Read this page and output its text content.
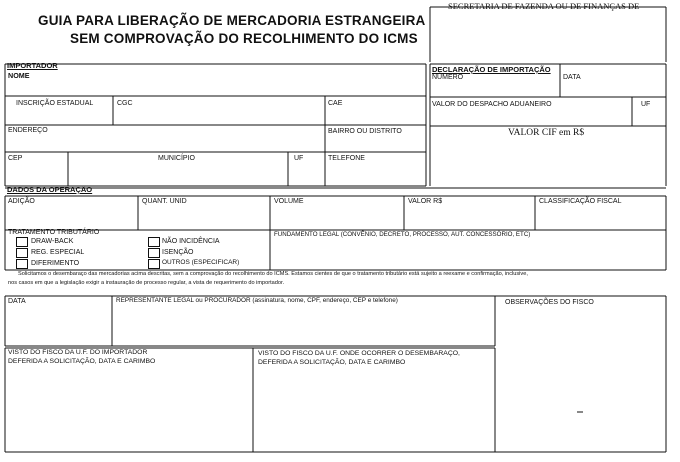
GUIA PARA LIBERAÇÃO DE MERCADORIA ESTRANGEIRA
SEM COMPROVAÇÃO DO RECOLHIMENTO DO ICMS
SECRETARIA DE FAZENDA OU DE FINANÇAS DE
IMPORTADOR
NOME
INSCRIÇÃO ESTADUAL	CGC	CAE
ENDEREÇO	BAIRRO OU DISTRITO
CEP	MUNICÍPIO	UF	TELEFONE
DECLARAÇÃO DE IMPORTAÇÃO
NÚMERO	DATA
VALOR DO DESPACHO ADUANEIRO	UF
VALOR CIF em R$
DADOS DA OPERAÇÃO
ADIÇÃO	QUANT. UNID	VOLUME	VALOR R$	CLASSIFICAÇÃO FISCAL
TRATAMENTO TRIBUTÁRIO
DRAW-BACK
REG. ESPECIAL
DIFERIMENTO
NÃO INCIDÊNCIA
ISENÇÃO
OUTROS (ESPECIFICAR)
FUNDAMENTO LEGAL (CONVÊNIO, DECRETO, PROCESSO, AUT. CONCESSÓRIO, ETC)
Solicitamos o desembaraço das mercadorias acima descritas, sem a comprovação do recolhimento do ICMS. Estamos cientes de que o tratamento tributário está sujeito a reexame e confirmação, inclusive,
nos casos em que a legislação exigir a instauração de processo regular, a vista de requerimento do importador.
DATA	REPRESENTANTE LEGAL ou PROCURADOR (assinatura, nome, CPF, endereço, CEP e telefone)	OBSERVAÇÕES DO FISCO
VISTO DO FISCO DA U.F. DO IMPORTADOR
DEFERIDA A SOLICITAÇÃO, DATA E CARIMBO
VISTO DO FISCO DA U.F. ONDE OCORRER O DESEMBARAÇO,
DEFERIDA A SOLICITAÇÃO, DATA E CARIMBO
